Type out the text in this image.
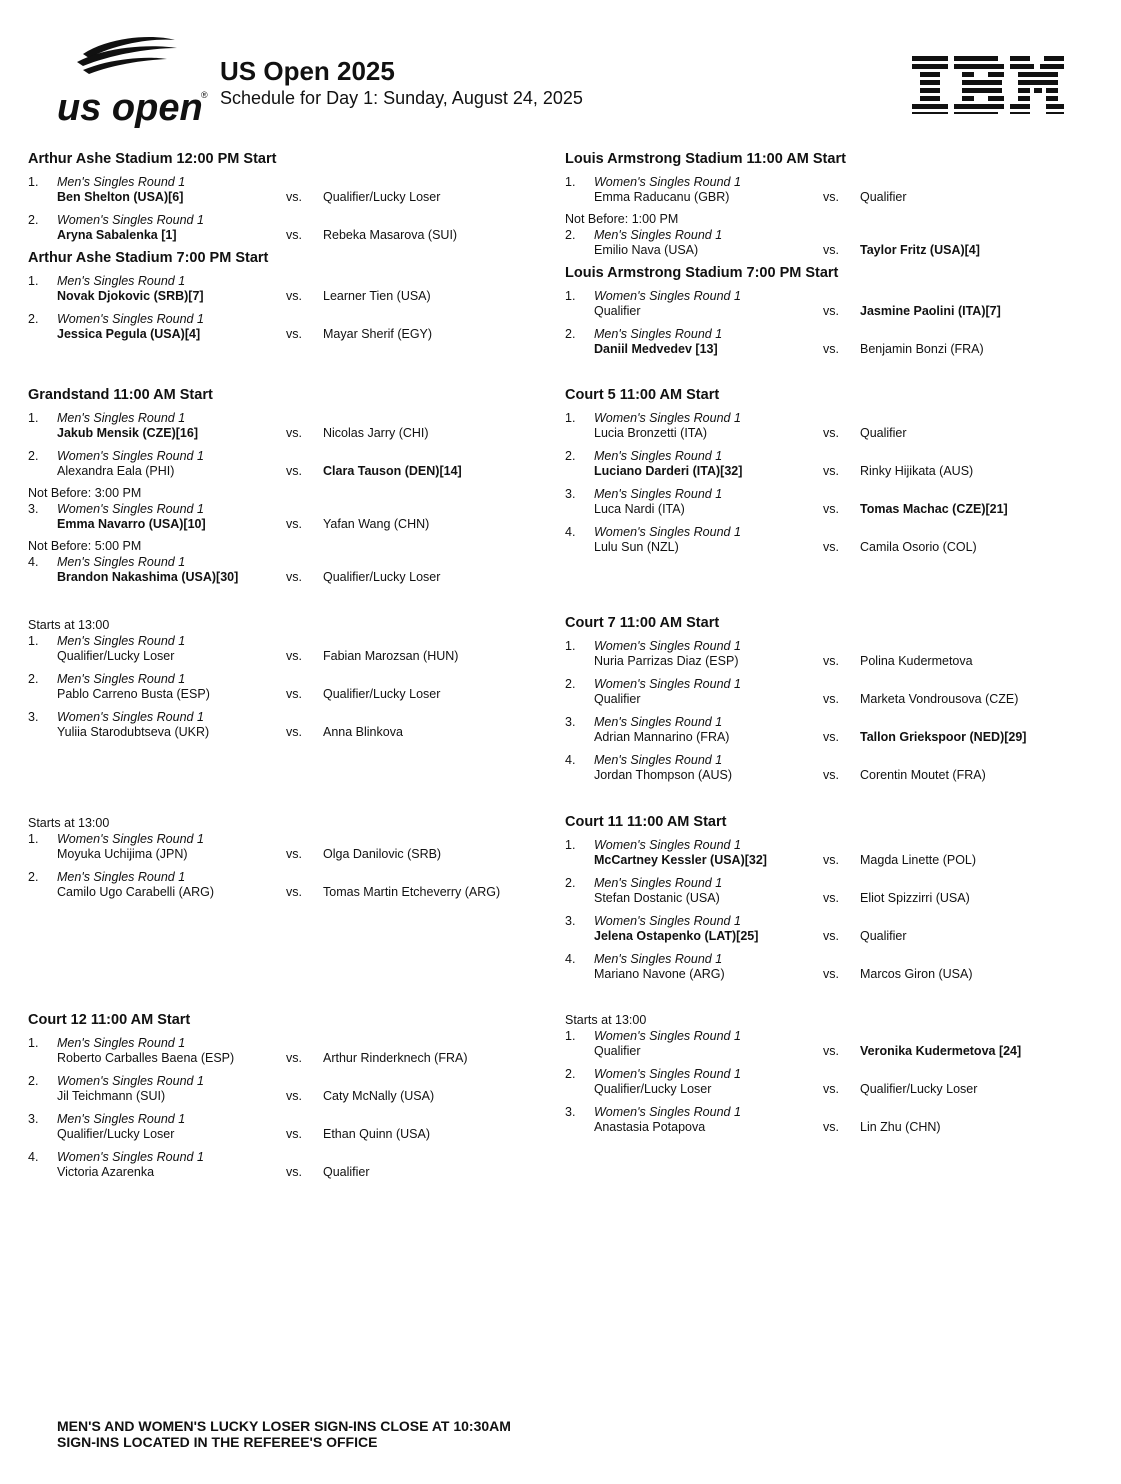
us open
®
US Open 2025
Schedule for Day 1: Sunday, August 24, 2025
IBM
Arthur Ashe Stadium 12:00 PM Start
1. Men's Singles Round 1
Ben Shelton (USA)[6]	vs. Qualifier/Lucky Loser
2. Women's Singles Round 1
Aryna Sabalenka [1]	vs. Rebeka Masarova (SUI)
Arthur Ashe Stadium 7:00 PM Start
1. Men's Singles Round 1
Novak Djokovic (SRB)[7]	vs. Learner Tien (USA)
2. Women's Singles Round 1
Jessica Pegula (USA)[4]	vs. Mayar Sherif (EGY)
Grandstand 11:00 AM Start
1. Men's Singles Round 1
Jakub Mensik (CZE)[16]	vs. Nicolas Jarry (CHI)
2. Women's Singles Round 1
Alexandra Eala (PHI)	vs. Clara Tauson (DEN)[14]
Not Before: 3:00 PM
3. Women's Singles Round 1
Emma Navarro (USA)[10]	vs. Yafan Wang (CHN)
Not Before: 5:00 PM
4. Men's Singles Round 1
Brandon Nakashima (USA)[30]	vs. Qualifier/Lucky Loser
Starts at 13:00
1. Men's Singles Round 1
Qualifier/Lucky Loser	vs. Fabian Marozsan (HUN)
2. Men's Singles Round 1
Pablo Carreno Busta (ESP)	vs. Qualifier/Lucky Loser
3. Women's Singles Round 1
Yuliia Starodubtseva (UKR)	vs. Anna Blinkova
Starts at 13:00
1. Women's Singles Round 1
Moyuka Uchijima (JPN)	vs. Olga Danilovic (SRB)
2. Men's Singles Round 1
Camilo Ugo Carabelli (ARG)	vs. Tomas Martin Etcheverry (ARG)
Court 12 11:00 AM Start
1. Men's Singles Round 1
Roberto Carballes Baena (ESP)	vs. Arthur Rinderknech (FRA)
2. Women's Singles Round 1
Jil Teichmann (SUI)	vs. Caty McNally (USA)
3. Men's Singles Round 1
Qualifier/Lucky Loser	vs. Ethan Quinn (USA)
4. Women's Singles Round 1
Victoria Azarenka	vs. Qualifier
Louis Armstrong Stadium 11:00 AM Start
1. Women's Singles Round 1
Emma Raducanu (GBR)	vs. Qualifier
Not Before: 1:00 PM
2. Men's Singles Round 1
Emilio Nava (USA)	vs. Taylor Fritz (USA)[4]
Louis Armstrong Stadium 7:00 PM Start
1. Women's Singles Round 1
Qualifier	vs. Jasmine Paolini (ITA)[7]
2. Men's Singles Round 1
Daniil Medvedev [13]	vs. Benjamin Bonzi (FRA)
Court 5 11:00 AM Start
1. Women's Singles Round 1
Lucia Bronzetti (ITA)	vs. Qualifier
2. Men's Singles Round 1
Luciano Darderi (ITA)[32]	vs. Rinky Hijikata (AUS)
3. Men's Singles Round 1
Luca Nardi (ITA)	vs. Tomas Machac (CZE)[21]
4. Women's Singles Round 1
Lulu Sun (NZL)	vs. Camila Osorio (COL)
Court 7 11:00 AM Start
1. Women's Singles Round 1
Nuria Parrizas Diaz (ESP)	vs. Polina Kudermetova
2. Women's Singles Round 1
Qualifier	vs. Marketa Vondrousova (CZE)
3. Men's Singles Round 1
Adrian Mannarino (FRA)	vs. Tallon Griekspoor (NED)[29]
4. Men's Singles Round 1
Jordan Thompson (AUS)	vs. Corentin Moutet (FRA)
Court 11 11:00 AM Start
1. Women's Singles Round 1
McCartney Kessler (USA)[32]	vs. Magda Linette (POL)
2. Men's Singles Round 1
Stefan Dostanic (USA)	vs. Eliot Spizzirri (USA)
3. Women's Singles Round 1
Jelena Ostapenko (LAT)[25]	vs. Qualifier
4. Men's Singles Round 1
Mariano Navone (ARG)	vs. Marcos Giron (USA)
Starts at 13:00
1. Women's Singles Round 1
Qualifier	vs. Veronika Kudermetova [24]
2. Women's Singles Round 1
Qualifier/Lucky Loser	vs. Qualifier/Lucky Loser
3. Women's Singles Round 1
Anastasia Potapova	vs. Lin Zhu (CHN)
MEN'S AND WOMEN'S LUCKY LOSER SIGN-INS CLOSE AT 10:30AM
SIGN-INS LOCATED IN THE REFEREE'S OFFICE
